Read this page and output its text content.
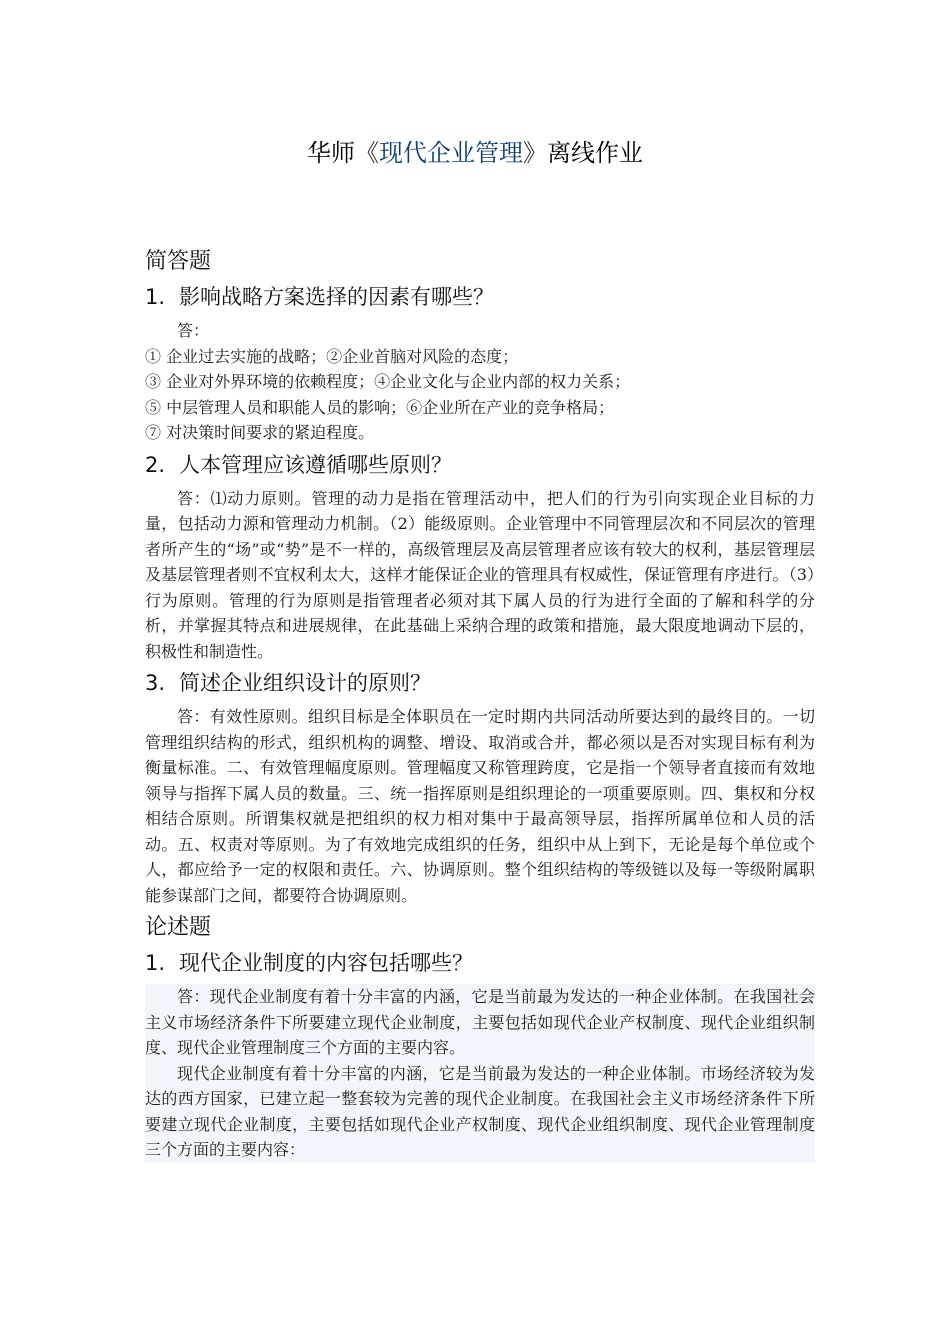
华师《现代企业管理》离线作业
简答题
1. 影响战略方案选择的因素有哪些？

答：

① 企业过去实施的战略；②企业首脑对风险的态度；

③ 企业对外界环境的依赖程度；④企业文化与企业内部的权力关系；

⑤ 中层管理人员和职能人员的影响；⑥企业所在产业的竞争格局；

⑦ 对决策时间要求的紧迫程度。

2. 人本管理应该遵循哪些原则？

答：⑴动力原则。管理的动力是指在管理活动中，把人们的行为引向实现企业目标的力量，包括动力源和管理动力机制。（2）能级原则。企业管理中不同管理层次和不同层次的管理者所产生的“场”或“势”是不一样的，高级管理层及高层管理者应该有较大的权利，基层管理层及基层管理者则不宜权利太大，这样才能保证企业的管理具有权威性，保证管理有序进行。（3）行为原则。管理的行为原则是指管理者必须对其下属人员的行为进行全面的了解和科学的分析，并掌握其特点和进展规律，在此基础上采纳合理的政策和措施，最大限度地调动下层的，积极性和制造性。

3. 简述企业组织设计的原则？

答：有效性原则。组织目标是全体职员在一定时期内共同活动所要达到的最终目的。一切管理组织结构的形式，组织机构的调整、增设、取消或合并，都必须以是否对实现目标有利为衡量标准。二、有效管理幅度原则。管理幅度又称管理跨度，它是指一个领导者直接而有效地领导与指挥下属人员的数量。三、统一指挥原则是组织理论的一项重要原则。四、集权和分权相结合原则。所谓集权就是把组织的权力相对集中于最高领导层，指挥所属单位和人员的活动。五、权责对等原则。为了有效地完成组织的任务，组织中从上到下，无论是每个单位或个人，都应给予一定的权限和责任。六、协调原则。整个组织结构的等级链以及每一等级附属职能参谋部门之间，都要符合协调原则。

论述题
1. 现代企业制度的内容包括哪些？

答：现代企业制度有着十分丰富的内涵，它是当前最为发达的一种企业体制。在我国社会主义市场经济条件下所要建立现代企业制度，主要包括如现代企业产权制度、现代企业组织制度、现代企业管理制度三个方面的主要内容。

现代企业制度有着十分丰富的内涵，它是当前最为发达的一种企业体制。市场经济较为发达的西方国家，已建立起一整套较为完善的现代企业制度。在我国社会主义市场经济条件下所要建立现代企业制度，主要包括如现代企业产权制度、现代企业组织制度、现代企业管理制度三个方面的主要内容：
